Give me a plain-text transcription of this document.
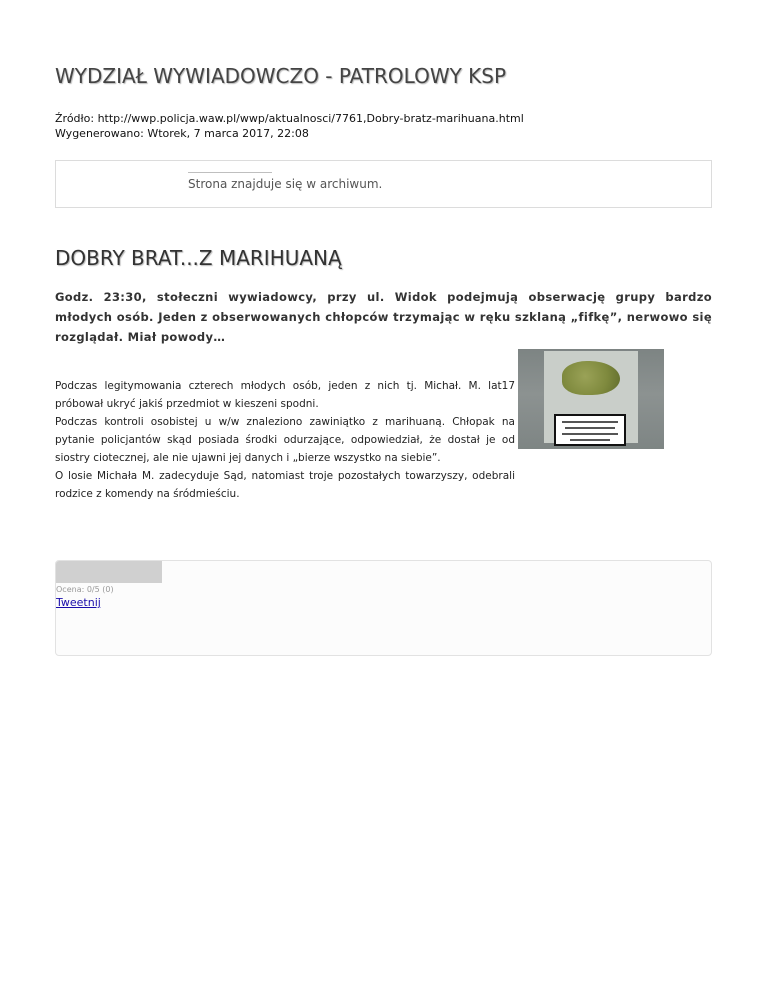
WYDZIAŁ WYWIADOWCZO - PATROLOWY KSP
Źródło: http://wwp.policja.waw.pl/wwp/aktualnosci/7761,Dobry-bratz-marihuana.html
Wygenerowano: Wtorek, 7 marca 2017, 22:08
Strona znajduje się w archiwum.
DOBRY BRAT...Z MARIHUANĄ

Godz. 23:30, stołeczni wywiadowcy, przy ul. Widok podejmują obserwację grupy bardzo młodych osób. Jeden z obserwowanych chłopców trzymając w ręku szklaną „fifkę”, nerwowo się rozglądał. Miał powody…

Podczas legitymowania czterech młodych osób, jeden z nich tj. Michał. M. lat17 próbował ukryć jakiś przedmiot w kieszeni spodni.

Podczas kontroli osobistej u w/w znaleziono zawiniątko z marihuaną. Chłopak na pytanie policjantów skąd posiada środki odurzające, odpowiedział, że dostał je od siostry ciotecznej, ale nie ujawni jej danych i „bierze wszystko na siebie”.

O losie Michała M. zadecyduje Sąd, natomiast troje pozostałych towarzyszy, odebrali rodzice z komendy na śródmieściu.

Ocena: 0/5 (0)
Tweetnij
